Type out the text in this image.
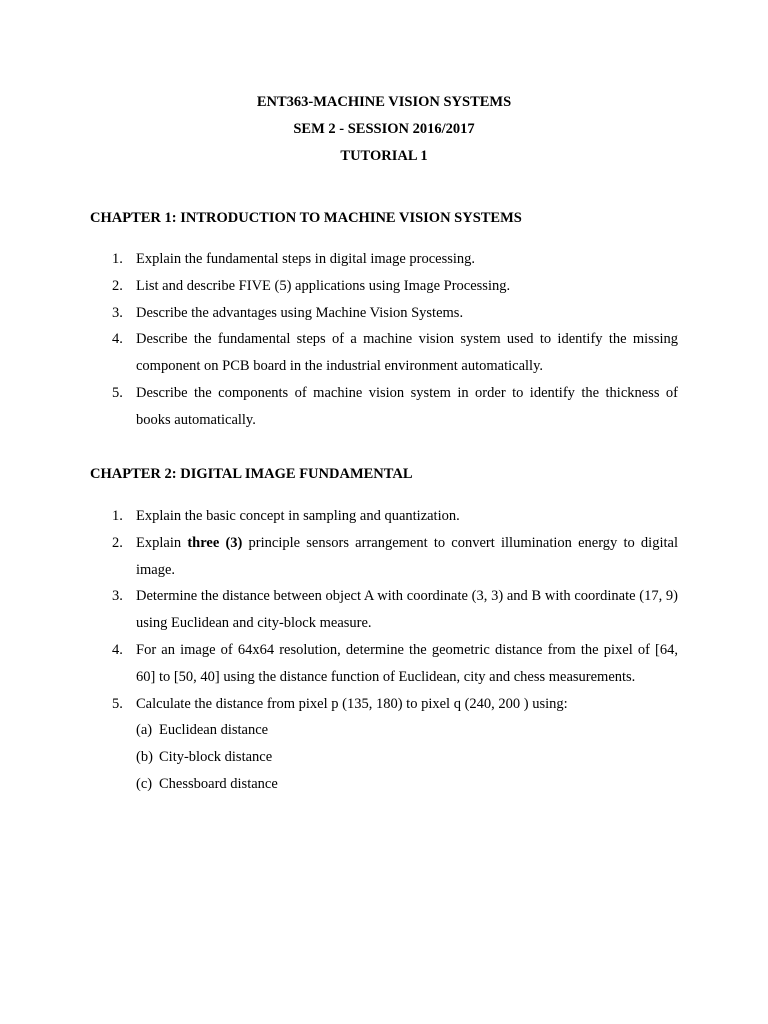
ENT363-MACHINE VISION SYSTEMS

SEM 2 - SESSION 2016/2017

TUTORIAL 1

CHAPTER 1: INTRODUCTION TO MACHINE VISION SYSTEMS

1. Explain the fundamental steps in digital image processing.
2. List and describe FIVE (5) applications using Image Processing.
3. Describe the advantages using Machine Vision Systems.
4. Describe the fundamental steps of a machine vision system used to identify the missing component on PCB board in the industrial environment automatically.
5. Describe the components of machine vision system in order to identify the thickness of books automatically.

CHAPTER 2: DIGITAL IMAGE FUNDAMENTAL

1. Explain the basic concept in sampling and quantization.
2. Explain three (3) principle sensors arrangement to convert illumination energy to digital image.
3. Determine the distance between object A with coordinate (3, 3) and B with coordinate (17, 9) using Euclidean and city-block measure.
4. For an image of 64x64 resolution, determine the geometric distance from the pixel of [64, 60] to [50, 40] using the distance function of Euclidean, city and chess measurements.
5. Calculate the distance from pixel p (135, 180) to pixel q (240, 200 ) using:
(a) Euclidean distance
(b) City-block distance
(c) Chessboard distance
